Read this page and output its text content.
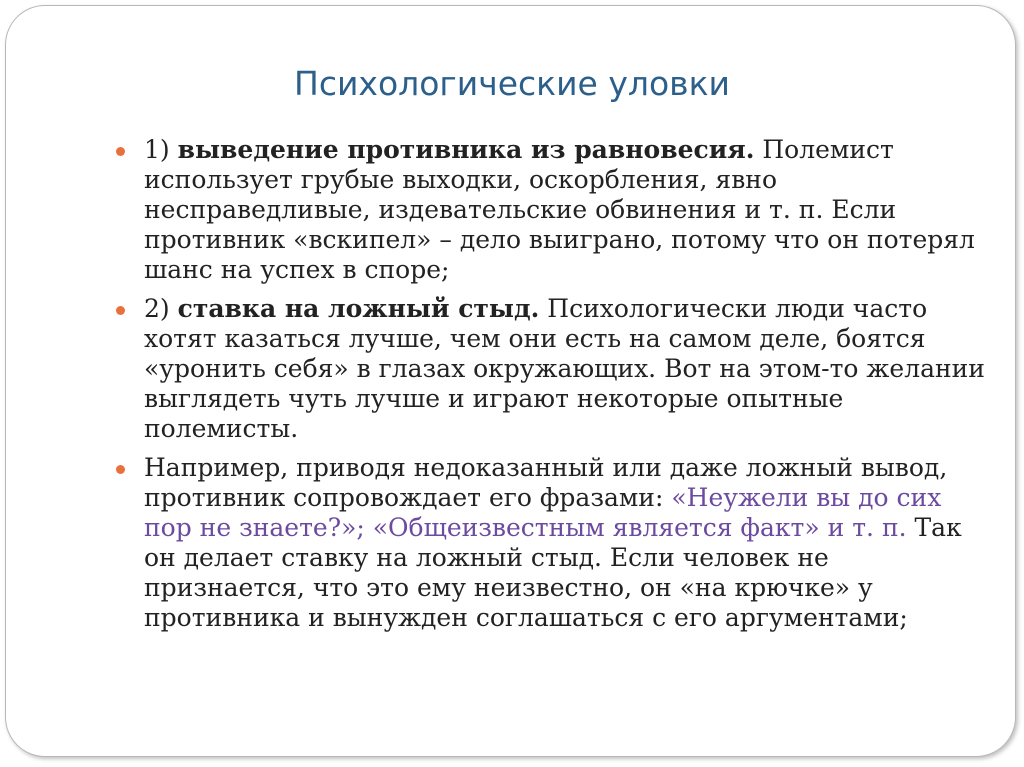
Психологические уловки
1) выведение противника из равновесия. Полемист использует грубые выходки, оскорбления, явно несправедливые, издевательские обвинения и т. п. Если противник «вскипел» – дело выиграно, потому что он потерял шанс на успех в споре;
2) ставка на ложный стыд. Психологически люди часто хотят казаться лучше, чем они есть на самом деле, боятся «уронить себя» в глазах окружающих. Вот на этом-то желании выглядеть чуть лучше и играют некоторые опытные полемисты.
Например, приводя недоказанный или даже ложный вывод, противник сопровождает его фразами: «Неужели вы до сих пор не знаете?»; «Общеизвестным является факт» и т. п. Так он делает ставку на ложный стыд. Если человек не признается, что это ему неизвестно, он «на крючке» у противника и вынужден соглашаться с его аргументами;
